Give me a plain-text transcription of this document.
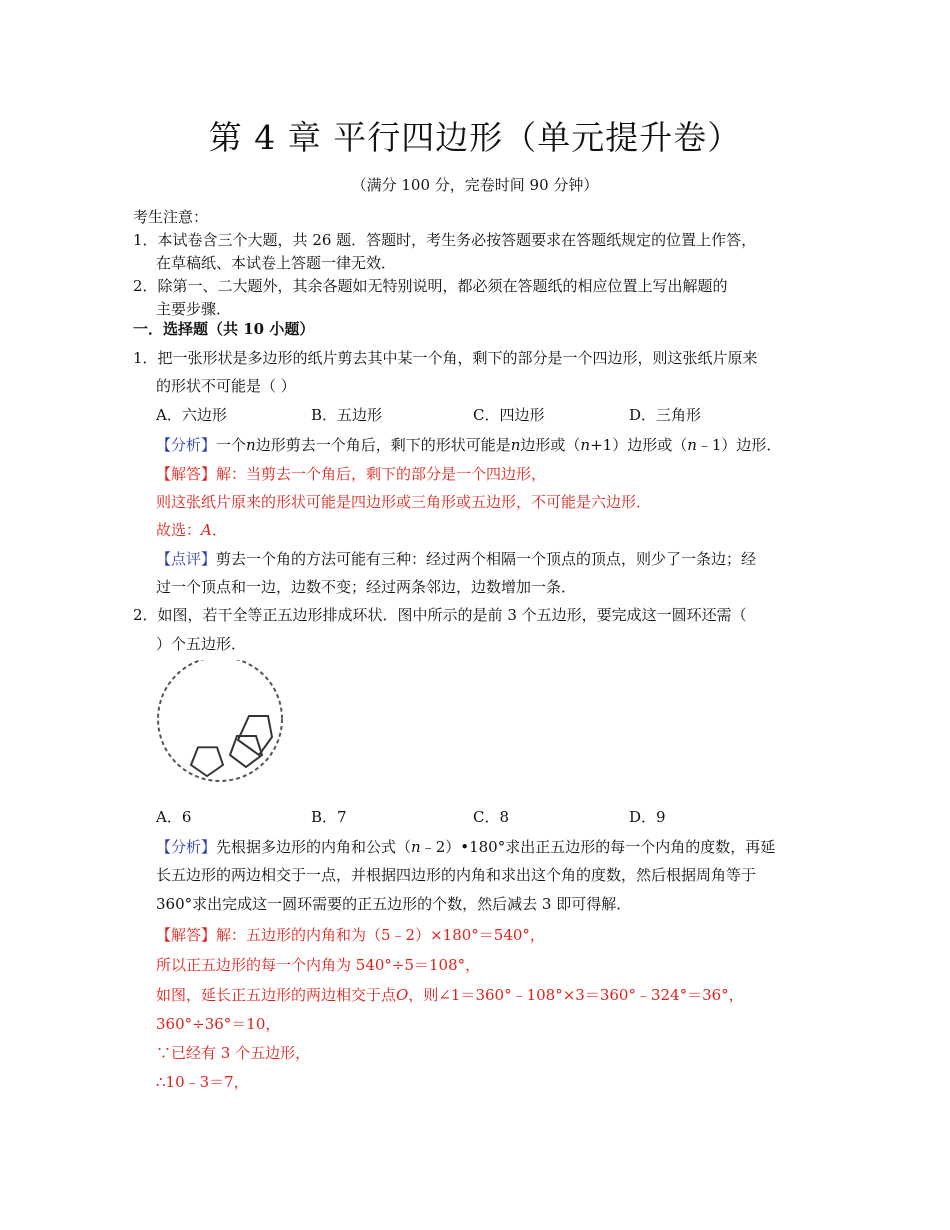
第 4 章 平行四边形（单元提升卷）
（满分 100 分，完卷时间 90 分钟）
考生注意：
1．本试卷含三个大题，共 26 题．答题时，考生务必按答题要求在答题纸规定的位置上作答，
在草稿纸、本试卷上答题一律无效．
2．除第一、二大题外，其余各题如无特别说明，都必须在答题纸的相应位置上写出解题的
主要步骤．
一．选择题（共 10 小题）
1．把一张形状是多边形的纸片剪去其中某一个角，剩下的部分是一个四边形，则这张纸片原来
的形状不可能是（ ）
A．六边形	B．五边形	C．四边形	D．三角形
【分析】一个n边形剪去一个角后，剩下的形状可能是n边形或（n+1）边形或（n﹣1）边形．
【解答】解：当剪去一个角后，剩下的部分是一个四边形，
则这张纸片原来的形状可能是四边形或三角形或五边形，不可能是六边形．
故选：A．
【点评】剪去一个角的方法可能有三种：经过两个相隔一个顶点的顶点，则少了一条边；经
过一个顶点和一边，边数不变；经过两条邻边，边数增加一条．
2．如图，若干全等正五边形排成环状．图中所示的是前 3 个五边形，要完成这一圆环还需（
）个五边形．
A．6	B．7	C．8	D．9
【分析】先根据多边形的内角和公式（n﹣2）•180°求出正五边形的每一个内角的度数，再延
长五边形的两边相交于一点，并根据四边形的内角和求出这个角的度数，然后根据周角等于
360°求出完成这一圆环需要的正五边形的个数，然后减去 3 即可得解．
【解答】解：五边形的内角和为（5﹣2）×180°＝540°，
所以正五边形的每一个内角为 540°÷5＝108°，
如图，延长正五边形的两边相交于点O，则∠1＝360°﹣108°×3＝360°﹣324°＝36°，
360°÷36°＝10，
∵已经有 3 个五边形，
∴10﹣3＝7，
